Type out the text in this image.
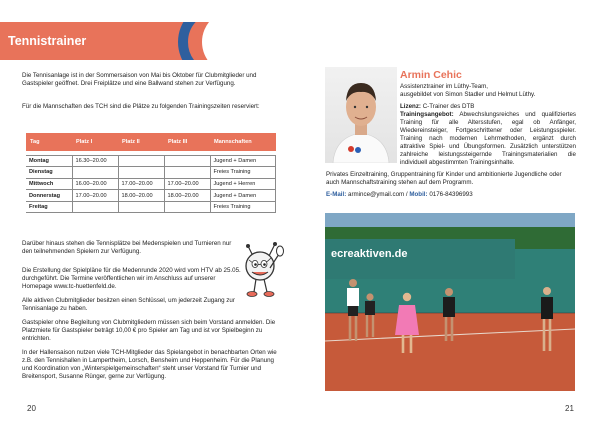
Die Tennisanlage ist in der Sommersaison von Mai bis Oktober für Clubmitglieder und Gastspieler geöffnet. Drei Freiplätze und eine Ballwand stehen zur Verfügung.
Für die Mannschaften des TCH sind die Plätze zu folgenden Trainingszeiten reserviert:
Tag	Platz I	Platz II	Platz III	Mannschaften

Montag	16.30–20.00			Jugend + Damen
Dienstag				Freies Training
Mittwoch	16.00–20.00	17.00–20.00	17.00–20.00	Jugend + Herren
Donnerstag	17.00–20.00	18.00–20.00	18.00–20.00	Jugend + Damen
Freitag				Freies Training
Darüber hinaus stehen die Tennisplätze bei Medenspielen und Turnieren nur den teilnehmenden Spielern zur Verfügung.
Die Erstellung der Spielpläne für die Medenrunde 2020 wird vom HTV ab 25.05. durchgeführt. Die Termine veröffentlichen wir im Anschluss auf unserer Homepage www.tc-huettenfeld.de.
Alle aktiven Clubmitglieder besitzen einen Schlüssel, um jederzeit Zugang zur Tennisanlage zu haben.
Gastspieler ohne Begleitung von Clubmitgliedern müssen sich beim Vorstand anmelden. Die Platzmiete für Gastspieler beträgt 10,00 € pro Spieler am Tag und ist vor Spielbeginn zu entrichten.
In der Hallensaison nutzen viele TCH-Mitglieder das Spielangebot in benachbarten Orten wie z.B. den Tennishallen in Lampertheim, Lorsch, Bensheim und Heppenheim. Für die Planung und Koordination von „Winterspielgemeinschaften“ steht unser Vorstand für Turnier und Breitensport, Susanne Rünger, gerne zur Verfügung.
20
Tennistrainer
Armin Cehic
Assistenztrainer im Lüthy-Team,
ausgebildet von Simon Stadler und Helmut Lüthy.
Lizenz: C-Trainer des DTB
Trainingsangebot: Abwechslungsreiches und qualifiziertes Training für alle Altersstufen, egal ob Anfänger, Wiedereinsteiger, Fortgeschrittener oder Leistungsspieler. Training nach modernen Lehrmethoden, ergänzt durch attraktive Spiel- und Übungsformen. Zusätzlich unterstützen zahlreiche leistungssteigernde Trainingsmaterialien die individuell abgestimmten Trainingsinhalte.
Privates Einzeltraining, Gruppentraining für Kinder und ambitionierte Jugendliche oder auch Mannschaftstraining stehen auf dem Programm.
E-Mail: armince@ymail.com / Mobil: 0176-84396993
ecreaktiven.de
21
